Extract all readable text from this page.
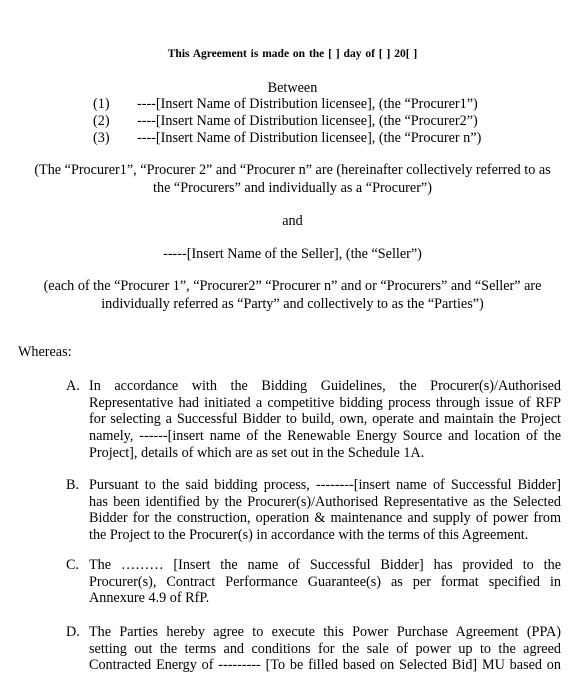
This Agreement is made on the [ ] day of [ ] 20[ ]
Between
(1)	----[Insert Name of Distribution licensee], (the “Procurer1”)
(2)	----[Insert Name of Distribution licensee], (the “Procurer2”)
(3)	----[Insert Name of Distribution licensee], (the “Procurer n”)
(The “Procurer1”, “Procurer 2” and “Procurer n” are (hereinafter collectively referred to as
the “Procurers” and individually as a “Procurer”)
and
-----[Insert Name of the Seller], (the “Seller”)
(each of the “Procurer 1”, “Procurer2” “Procurer n” and or “Procurers” and “Seller” are
individually referred as “Party” and collectively to as the “Parties”)
Whereas:
A. In accordance with the Bidding Guidelines, the Procurer(s)/Authorised
Representative had initiated a competitive bidding process through issue of RFP
for selecting a Successful Bidder to build, own, operate and maintain the Project
namely, ------[insert name of the Renewable Energy Source and location of the
Project], details of which are as set out in the Schedule 1A.
B. Pursuant to the said bidding process, --------[insert name of Successful Bidder]
has been identified by the Procurer(s)/Authorised Representative as the Selected
Bidder for the construction, operation & maintenance and supply of power from
the Project to the Procurer(s) in accordance with the terms of this Agreement.
C. The ……… [Insert the name of Successful Bidder] has provided to the
Procurer(s), Contract Performance Guarantee(s) as per format specified in
Annexure 4.9 of RfP.
D. The Parties hereby agree to execute this Power Purchase Agreement (PPA)
setting out the terms and conditions for the sale of power up to the agreed
Contracted Energy of --------- [To be filled based on Selected Bid] MU based on
